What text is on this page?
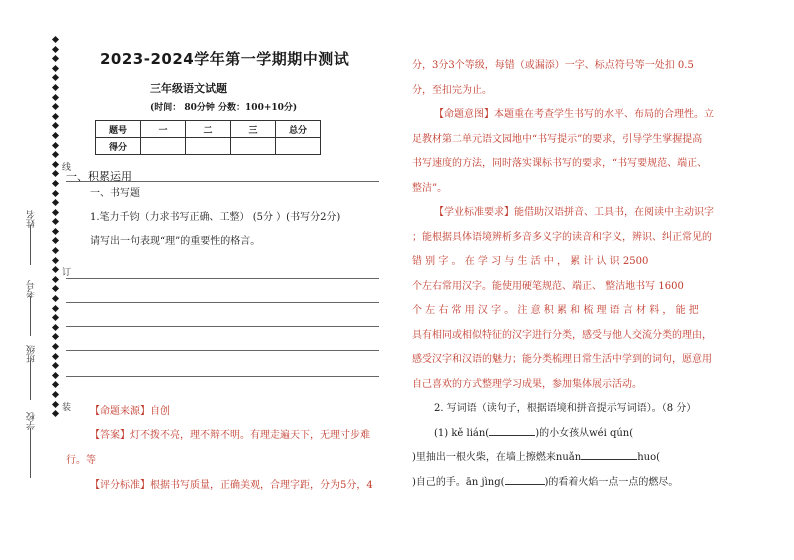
姓名
考号
班级
学校
线
订
装
2023-2024学年第一学期期中测试
三年级语文试题
(时间： 80分钟 分数：100+10分)
题号	一	二	三	总分
得分				
一、积累运用
一、书写题
1.笔力千钧（力求书写正确、工整） (5分 ）(书写分2分)
请写出一句表现“理”的重要性的格言。
【命题来源】自创
【答案】灯不拨不亮，理不辩不明。有理走遍天下，无理寸步难
行。等
【评分标准】根据书写质量，正确美观，合理字距，分为5分，4

分，3分3个等级，每错（或漏添）一字、标点符号等一处扣 0.5

分，至扣完为止。

【命题意图】本题重在考查学生书写的水平、布局的合理性。立

足教材第二单元语文园地中“书写提示”的要求，引导学生掌握提高

书写速度的方法，同时落实课标书写的要求，“书写要规范、端正、

整洁”。

【学业标准要求】能借助汉语拼音、工具书，在阅读中主动识字

；能根据具体语境辨析多音多义字的读音和字义，辨识、纠正常见的

错 别 字 。 在 学 习 与 生 活 中 ， 累 计 认 识 2500

个左右常用汉字。能使用硬笔规范、端正、 整洁地书写 1600

个 左 右 常 用 汉 字 。 注 意 积 累 和 梳 理 语 言 材 料 ， 能 把

具有相同或相似特征的汉字进行分类，感受与他人交流分类的理由，

感受汉字和汉语的魅力；能分类梳理日常生活中学到的词句，愿意用

自己喜欢的方式整理学习成果，参加集体展示活动。

2. 写词语（读句子，根据语境和拼音提示写词语）。（8 分）

(1) kě lián(	)的小女孩从wéi qún(

)里抽出一根火柴，在墙上擦燃来nuǎn	huo(

)自己的手。ān jìng(	)的看着火焰一点一点的燃尽。
